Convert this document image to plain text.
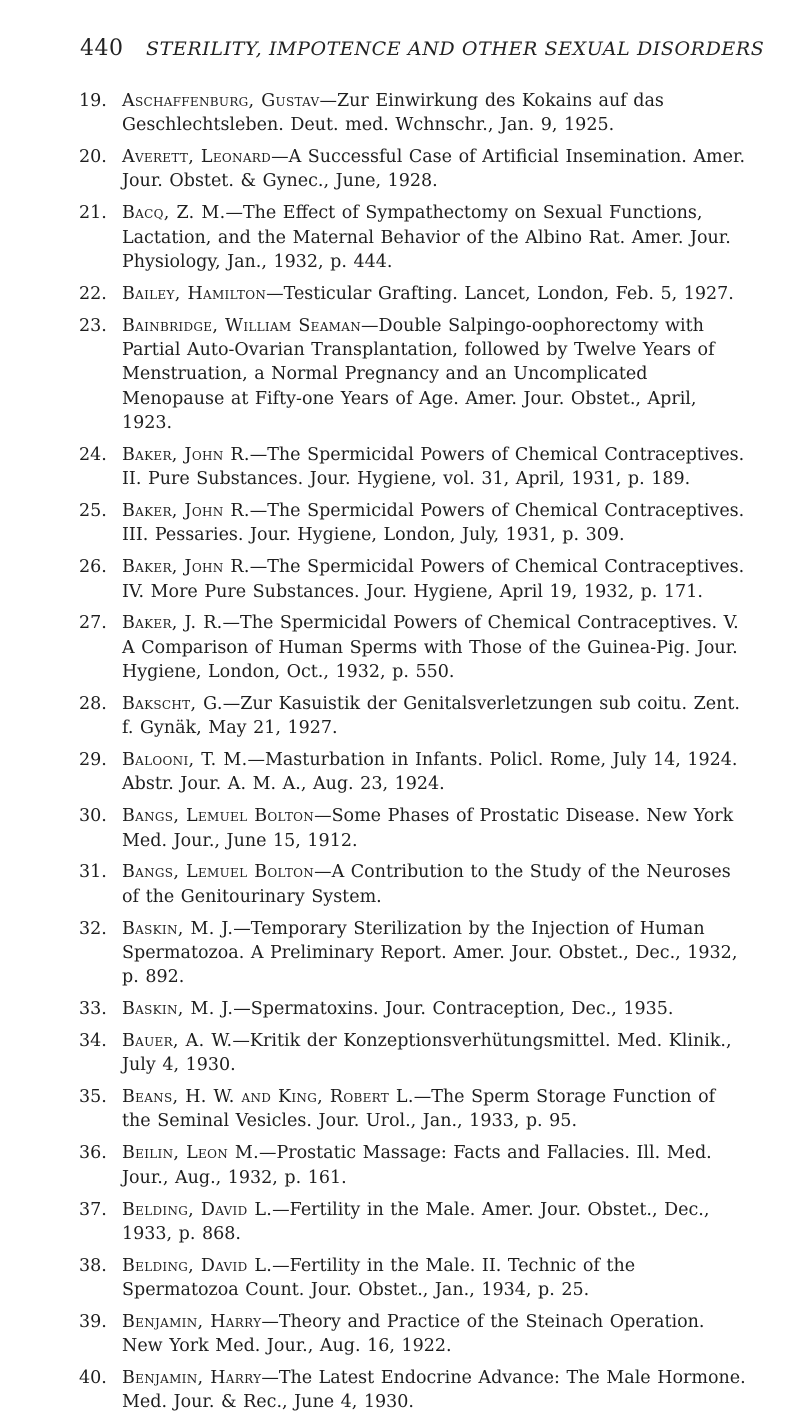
440 STERILITY, IMPOTENCE AND OTHER SEXUAL DISORDERS
19. Aschaffenburg, Gustav—Zur Einwirkung des Kokains auf das Geschlechtsleben. Deut. med. Wchnschr., Jan. 9, 1925.
20. Averett, Leonard—A Successful Case of Artificial Insemination. Amer. Jour. Obstet. & Gynec., June, 1928.
21. Bacq, Z. M.—The Effect of Sympathectomy on Sexual Functions, Lactation, and the Maternal Behavior of the Albino Rat. Amer. Jour. Physiology, Jan., 1932, p. 444.
22. Bailey, Hamilton—Testicular Grafting. Lancet, London, Feb. 5, 1927.
23. Bainbridge, William Seaman—Double Salpingo-oophorectomy with Partial Auto-Ovarian Transplantation, followed by Twelve Years of Menstruation, a Normal Pregnancy and an Uncomplicated Menopause at Fifty-one Years of Age. Amer. Jour. Obstet., April, 1923.
24. Baker, John R.—The Spermicidal Powers of Chemical Contraceptives. II. Pure Substances. Jour. Hygiene, vol. 31, April, 1931, p. 189.
25. Baker, John R.—The Spermicidal Powers of Chemical Contraceptives. III. Pessaries. Jour. Hygiene, London, July, 1931, p. 309.
26. Baker, John R.—The Spermicidal Powers of Chemical Contraceptives. IV. More Pure Substances. Jour. Hygiene, April 19, 1932, p. 171.
27. Baker, J. R.—The Spermicidal Powers of Chemical Contraceptives. V. A Comparison of Human Sperms with Those of the Guinea-Pig. Jour. Hygiene, London, Oct., 1932, p. 550.
28. Bakscht, G.—Zur Kasuistik der Genitalsverletzungen sub coitu. Zent. f. Gynäk, May 21, 1927.
29. Balooni, T. M.—Masturbation in Infants. Policl. Rome, July 14, 1924. Abstr. Jour. A. M. A., Aug. 23, 1924.
30. Bangs, Lemuel Bolton—Some Phases of Prostatic Disease. New York Med. Jour., June 15, 1912.
31. Bangs, Lemuel Bolton—A Contribution to the Study of the Neuroses of the Genitourinary System.
32. Baskin, M. J.—Temporary Sterilization by the Injection of Human Spermatozoa. A Preliminary Report. Amer. Jour. Obstet., Dec., 1932, p. 892.
33. Baskin, M. J.—Spermatoxins. Jour. Contraception, Dec., 1935.
34. Bauer, A. W.—Kritik der Konzeptionsverhütungsmittel. Med. Klinik., July 4, 1930.
35. Beans, H. W. and King, Robert L.—The Sperm Storage Function of the Seminal Vesicles. Jour. Urol., Jan., 1933, p. 95.
36. Beilin, Leon M.—Prostatic Massage: Facts and Fallacies. Ill. Med. Jour., Aug., 1932, p. 161.
37. Belding, David L.—Fertility in the Male. Amer. Jour. Obstet., Dec., 1933, p. 868.
38. Belding, David L.—Fertility in the Male. II. Technic of the Spermatozoa Count. Jour. Obstet., Jan., 1934, p. 25.
39. Benjamin, Harry—Theory and Practice of the Steinach Operation. New York Med. Jour., Aug. 16, 1922.
40. Benjamin, Harry—The Latest Endocrine Advance: The Male Hormone. Med. Jour. & Rec., June 4, 1930.
